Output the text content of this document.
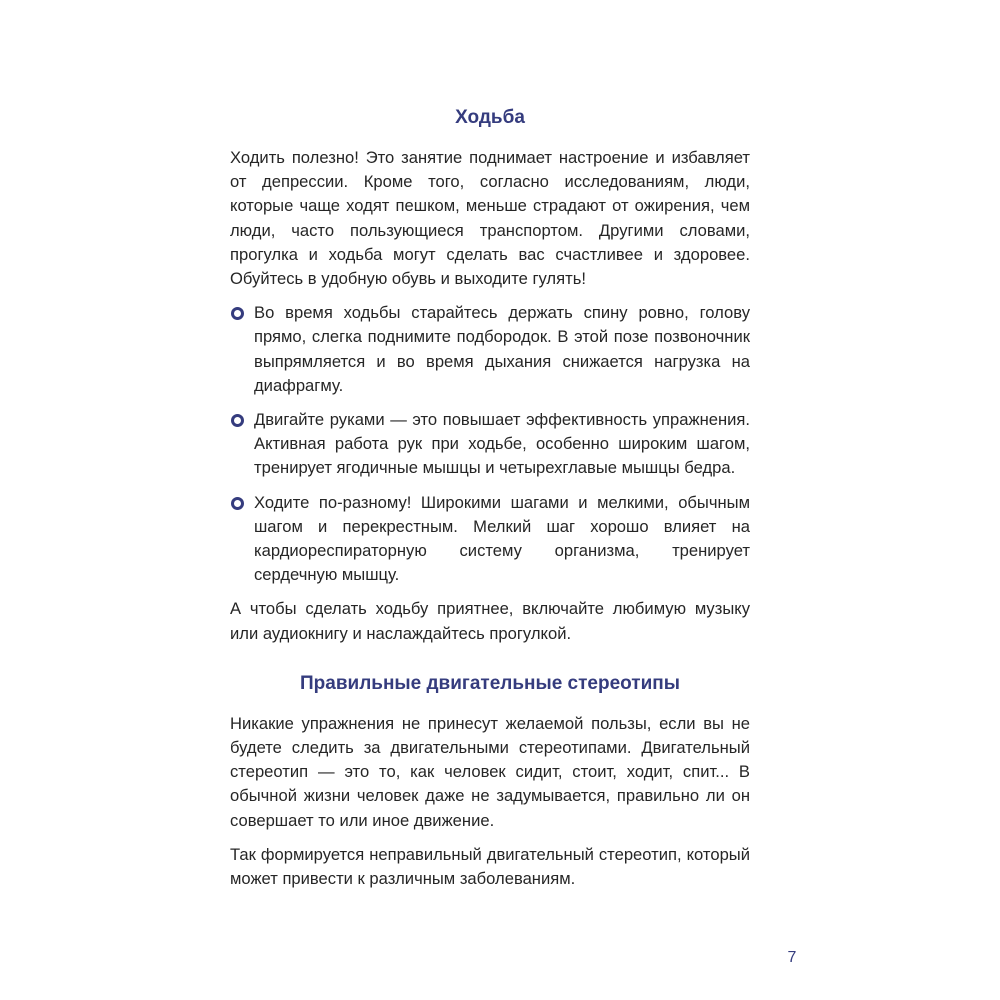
Ходьба

Ходить полезно! Это занятие поднимает настроение и избавляет от депрессии. Кроме того, согласно исследованиям, люди, которые чаще ходят пешком, меньше страдают от ожирения, чем люди, часто пользующиеся транспортом. Другими словами, прогулка и ходьба могут сделать вас счастливее и здоровее. Обуйтесь в удобную обувь и выходите гулять!

Во время ходьбы старайтесь держать спину ровно, голову прямо, слегка поднимите подбородок. В этой позе позвоночник выпрямляется и во время дыхания снижается нагрузка на диафрагму.
Двигайте руками — это повышает эффективность упражнения. Активная работа рук при ходьбе, особенно широким шагом, тренирует ягодичные мышцы и четырехглавые мышцы бедра.
Ходите по-разному! Широкими шагами и мелкими, обычным шагом и перекрестным. Мелкий шаг хорошо влияет на кардиореспираторную систему организма, тренирует сердечную мышцу.

А чтобы сделать ходьбу приятнее, включайте любимую музыку или аудиокнигу и наслаждайтесь прогулкой.

Правильные двигательные стереотипы

Никакие упражнения не принесут желаемой пользы, если вы не будете следить за двигательными стереотипами. Двигательный стереотип — это то, как человек сидит, стоит, ходит, спит... В обычной жизни человек даже не задумывается, правильно ли он совершает то или иное движение.

Так формируется неправильный двигательный стереотип, который может привести к различным заболеваниям.

7
